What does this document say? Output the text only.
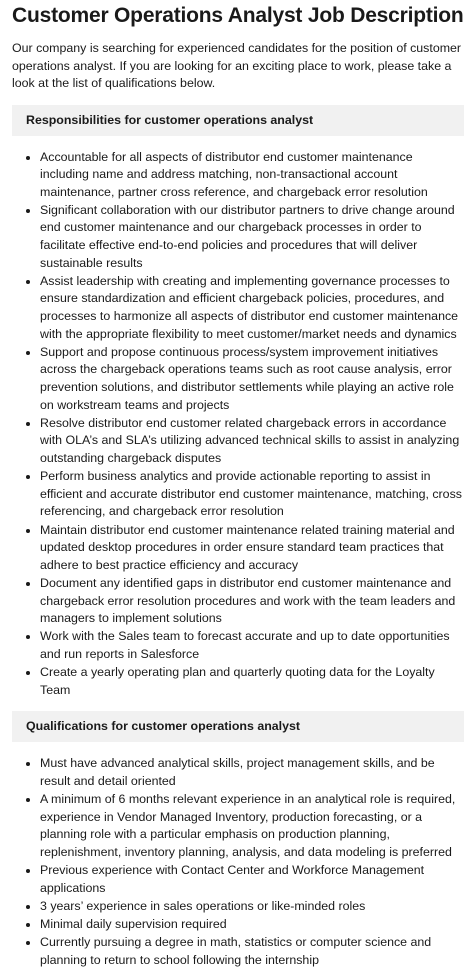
Customer Operations Analyst Job Description

Our company is searching for experienced candidates for the position of customer operations analyst. If you are looking for an exciting place to work, please take a look at the list of qualifications below.

Responsibilities for customer operations analyst
• Accountable for all aspects of distributor end customer maintenance including name and address matching, non-transactional account maintenance, partner cross reference, and chargeback error resolution
• Significant collaboration with our distributor partners to drive change around end customer maintenance and our chargeback processes in order to facilitate effective end-to-end policies and procedures that will deliver sustainable results
• Assist leadership with creating and implementing governance processes to ensure standardization and efficient chargeback policies, procedures, and processes to harmonize all aspects of distributor end customer maintenance with the appropriate flexibility to meet customer/market needs and dynamics
• Support and propose continuous process/system improvement initiatives across the chargeback operations teams such as root cause analysis, error prevention solutions, and distributor settlements while playing an active role on workstream teams and projects
• Resolve distributor end customer related chargeback errors in accordance with OLA’s and SLA’s utilizing advanced technical skills to assist in analyzing outstanding chargeback disputes
• Perform business analytics and provide actionable reporting to assist in efficient and accurate distributor end customer maintenance, matching, cross referencing, and chargeback error resolution
• Maintain distributor end customer maintenance related training material and updated desktop procedures in order ensure standard team practices that adhere to best practice efficiency and accuracy
• Document any identified gaps in distributor end customer maintenance and chargeback error resolution procedures and work with the team leaders and managers to implement solutions
• Work with the Sales team to forecast accurate and up to date opportunities and run reports in Salesforce
• Create a yearly operating plan and quarterly quoting data for the Loyalty Team
Qualifications for customer operations analyst
• Must have advanced analytical skills, project management skills, and be result and detail oriented
• A minimum of 6 months relevant experience in an analytical role is required, experience in Vendor Managed Inventory, production forecasting, or a planning role with a particular emphasis on production planning, replenishment, inventory planning, analysis, and data modeling is preferred
• Previous experience with Contact Center and Workforce Management applications
• 3 years’ experience in sales operations or like-minded roles
• Minimal daily supervision required
• Currently pursuing a degree in math, statistics or computer science and planning to return to school following the internship
